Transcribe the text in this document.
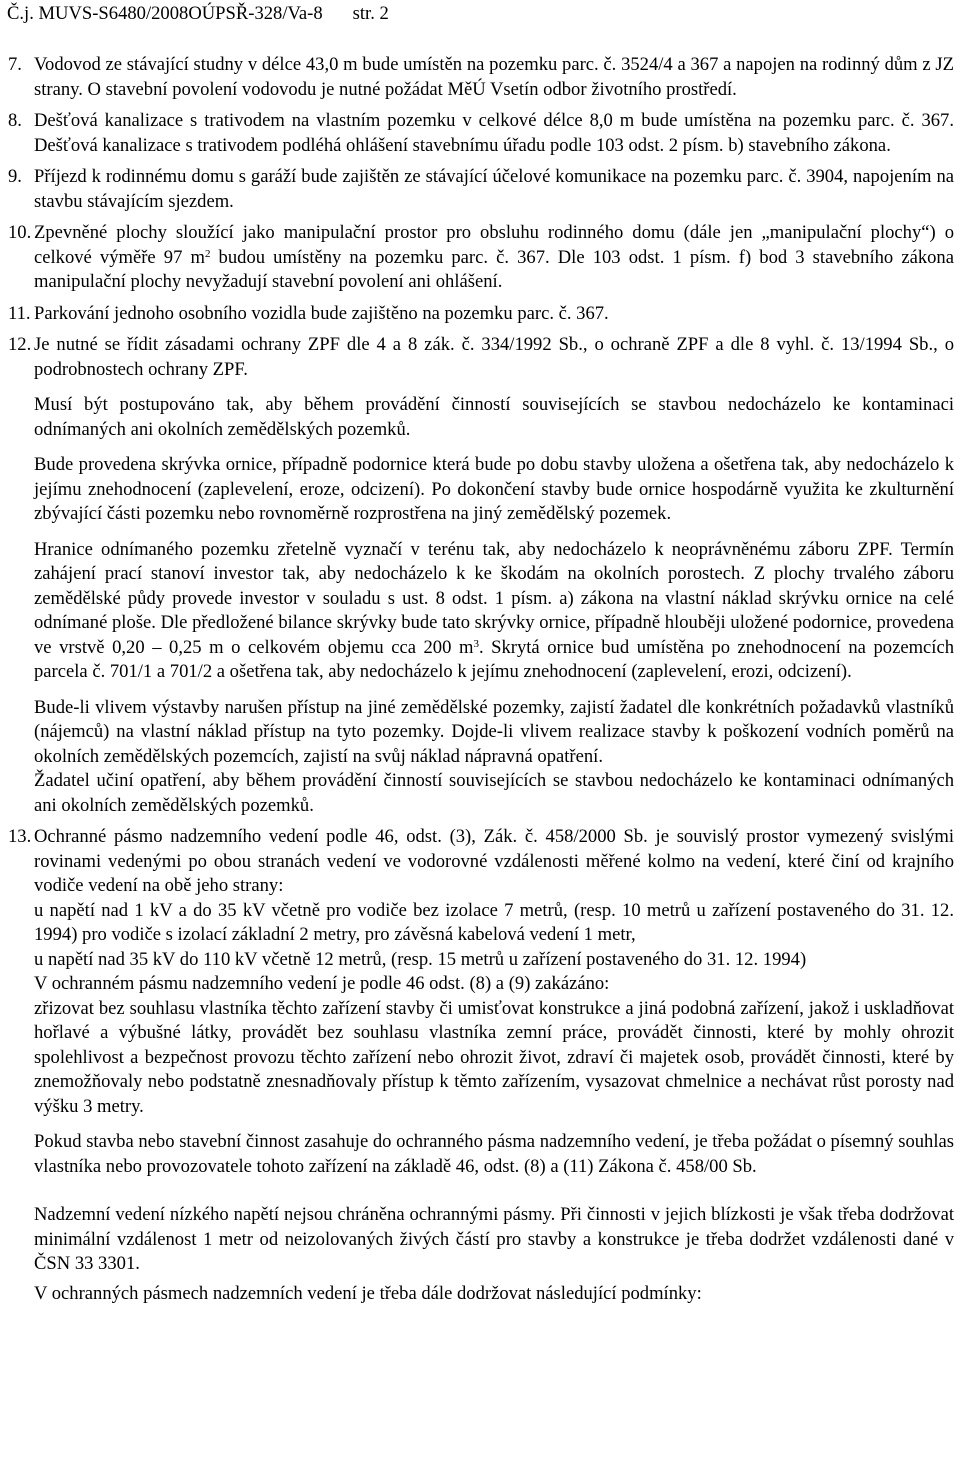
Č.j. MUVS-S6480/2008OÚPSŘ-328/Va-8 str. 2
7. Vodovod ze stávající studny v délce 43,0 m bude umístěn na pozemku parc. č. 3524/4 a 367 a napojen na rodinný dům z JZ strany. O stavební povolení vodovodu je nutné požádat MěÚ Vsetín odbor životního prostředí.

8. Dešťová kanalizace s trativodem na vlastním pozemku v celkové délce 8,0 m bude umístěna na pozemku parc. č. 367. Dešťová kanalizace s trativodem podléhá ohlášení stavebnímu úřadu podle 103 odst. 2 písm. b) stavebního zákona.

9. Příjezd k rodinnému domu s garáží bude zajištěn ze stávající účelové komunikace na pozemku parc. č. 3904, napojením na stavbu stávajícím sjezdem.

10. Zpevněné plochy sloužící jako manipulační prostor pro obsluhu rodinného domu (dále jen „manipulační plochy“) o celkové výměře 97 $m^2$ budou umístěny na pozemku parc. č. 367. Dle 103 odst. 1 písm. f) bod 3 stavebního zákona manipulační plochy nevyžadují stavební povolení ani ohlášení.

11. Parkování jednoho osobního vozidla bude zajištěno na pozemku parc. č. 367.

12. Je nutné se řídit zásadami ochrany ZPF dle 4 a 8 zák. č. 334/1992 Sb., o ochraně ZPF a dle 8 vyhl. č. 13/1994 Sb., o podrobnostech ochrany ZPF.

Musí být postupováno tak, aby během provádění činností souvisejících se stavbou nedocházelo ke kontaminaci odnímaných ani okolních zemědělských pozemků.

Bude provedena skrývka ornice, případně podornice která bude po dobu stavby uložena a ošetřena tak, aby nedocházelo k jejímu znehodnocení (zaplevelení, eroze, odcizení). Po dokončení stavby bude ornice hospodárně využita ke zkulturnění zbývající části pozemku nebo rovnoměrně rozprostřena na jiný zemědělský pozemek.

Hranice odnímaného pozemku zřetelně vyznačí v terénu tak, aby nedocházelo k neoprávněnému záboru ZPF. Termín zahájení prací stanoví investor tak, aby nedocházelo k ke škodám na okolních porostech. Z plochy trvalého záboru zemědělské půdy provede investor v souladu s ust. 8 odst. 1 písm. a) zákona na vlastní náklad skrývku ornice na celé odnímané ploše. Dle předložené bilance skrývky bude tato skrývky ornice, případně hlouběji uložené podornice, provedena ve vrstvě 0,20 – 0,25 m o celkovém objemu cca 200 $m^3$. Skrytá ornice bud umístěna po znehodnocení na pozemcích parcela č. 701/1 a 701/2 a ošetřena tak, aby nedocházelo k jejímu znehodnocení (zaplevelení, erozi, odcizení).

Bude-li vlivem výstavby narušen přístup na jiné zemědělské pozemky, zajistí žadatel dle konkrétních požadavků vlastníků (nájemců) na vlastní náklad přístup na tyto pozemky. Dojde-li vlivem realizace stavby k poškození vodních poměrů na okolních zemědělských pozemcích, zajistí na svůj náklad nápravná opatření.

Žadatel učiní opatření, aby během provádění činností souvisejících se stavbou nedocházelo ke kontaminaci odnímaných ani okolních zemědělských pozemků.

13. Ochranné pásmo nadzemního vedení podle 46, odst. (3), Zák. č. 458/2000 Sb. je souvislý prostor vymezený svislými rovinami vedenými po obou stranách vedení ve vodorovné vzdálenosti měřené kolmo na vedení, které činí od krajního vodiče vedení na obě jeho strany:

u napětí nad 1 kV a do 35 kV včetně pro vodiče bez izolace 7 metrů, (resp. 10 metrů u zařízení postaveného do 31. 12. 1994) pro vodiče s izolací základní 2 metry, pro závěsná kabelová vedení 1 metr,

u napětí nad 35 kV do 110 kV včetně 12 metrů, (resp. 15 metrů u zařízení postaveného do 31. 12. 1994)

V ochranném pásmu nadzemního vedení je podle 46 odst. (8) a (9) zakázáno:

zřizovat bez souhlasu vlastníka těchto zařízení stavby či umisťovat konstrukce a jiná podobná zařízení, jakož i uskladňovat hořlavé a výbušné látky, provádět bez souhlasu vlastníka zemní práce, provádět činnosti, které by mohly ohrozit spolehlivost a bezpečnost provozu těchto zařízení nebo ohrozit život, zdraví či majetek osob, provádět činnosti, které by znemožňovaly nebo podstatně znesnadňovaly přístup k těmto zařízením, vysazovat chmelnice a nechávat růst porosty nad výšku 3 metry.

Pokud stavba nebo stavební činnost zasahuje do ochranného pásma nadzemního vedení, je třeba požádat o písemný souhlas vlastníka nebo provozovatele tohoto zařízení na základě 46, odst. (8) a (11) Zákona č. 458/00 Sb.

Nadzemní vedení nízkého napětí nejsou chráněna ochrannými pásmy. Při činnosti v jejich blízkosti je však třeba dodržovat minimální vzdálenost 1 metr od neizolovaných živých částí pro stavby a konstrukce je třeba dodržet vzdálenosti dané v ČSN 33 3301.

V ochranných pásmech nadzemních vedení je třeba dále dodržovat následující podmínky:
